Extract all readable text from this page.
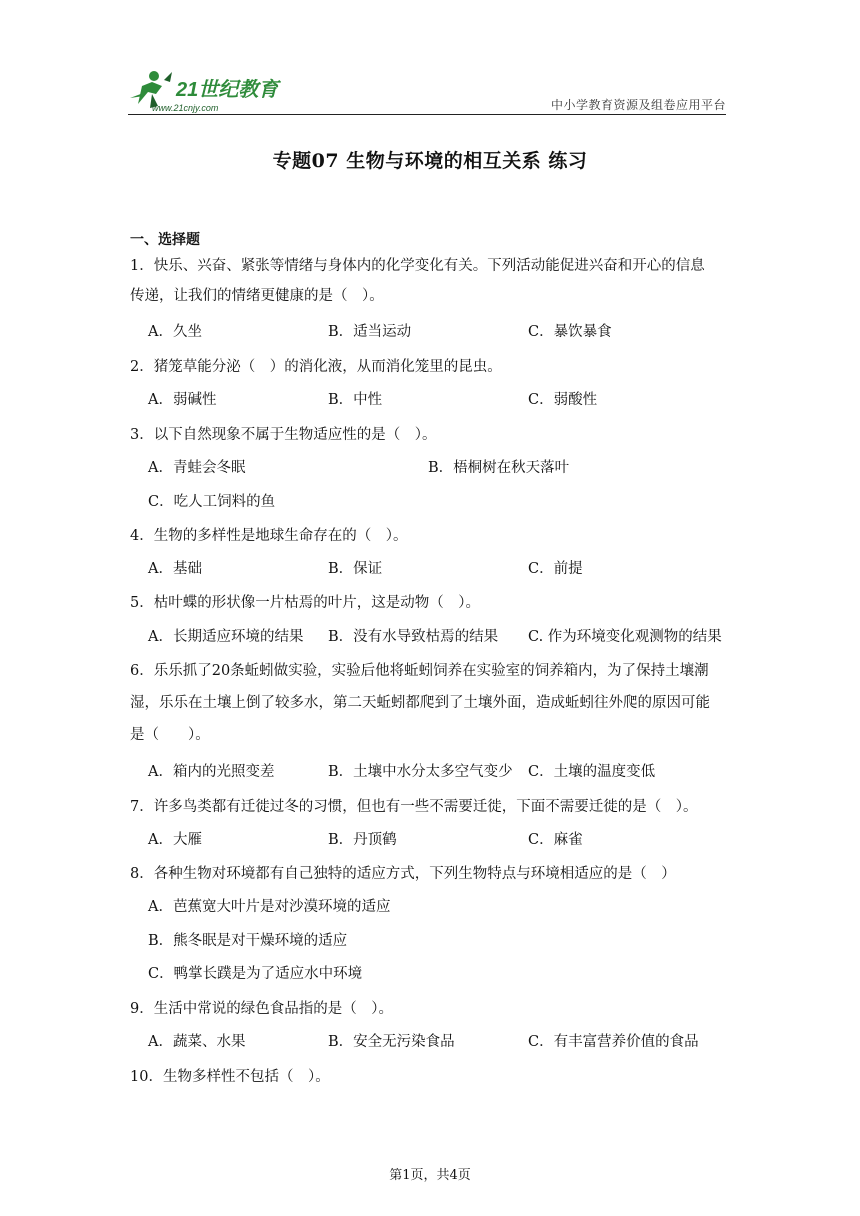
21世纪教育
www.21cnjy.com	中小学教育资源及组卷应用平台
专题07 生物与环境的相互关系 练习
一、选择题
1．快乐、兴奋、紧张等情绪与身体内的化学变化有关。下列活动能促进兴奋和开心的信息
传递，让我们的情绪更健康的是（　）。
A．久坐	B．适当运动	C．暴饮暴食
2．猪笼草能分泌（　）的消化液，从而消化笼里的昆虫。
A．弱碱性	B．中性	C．弱酸性
3．以下自然现象不属于生物适应性的是（　）。
A．青蛙会冬眠	B．梧桐树在秋天落叶
C．吃人工饲料的鱼
4．生物的多样性是地球生命存在的（　）。
A．基础	B．保证	C．前提
5．枯叶蝶的形状像一片枯焉的叶片，这是动物（　）。
A．长期适应环境的结果 B．没有水导致枯焉的结果 C. 作为环境变化观测物的结果
6．乐乐抓了20条蚯蚓做实验，实验后他将蚯蚓饲养在实验室的饲养箱内，为了保持土壤潮
湿，乐乐在土壤上倒了较多水，第二天蚯蚓都爬到了土壤外面，造成蚯蚓往外爬的原因可能
是（　　）。
A．箱内的光照变差	B．土壤中水分太多空气变少 C．土壤的温度变低
7．许多鸟类都有迁徙过冬的习惯，但也有一些不需要迁徙，下面不需要迁徙的是（　）。
A．大雁	B．丹顶鹤	C．麻雀
8．各种生物对环境都有自己独特的适应方式，下列生物特点与环境相适应的是（　）
A．芭蕉宽大叶片是对沙漠环境的适应
B．熊冬眠是对干燥环境的适应
C．鸭掌长蹼是为了适应水中环境
9．生活中常说的绿色食品指的是（　）。
A．蔬菜、水果	B．安全无污染食品	C．有丰富营养价值的食品
10．生物多样性不包括（　）。
第1页，共4页
